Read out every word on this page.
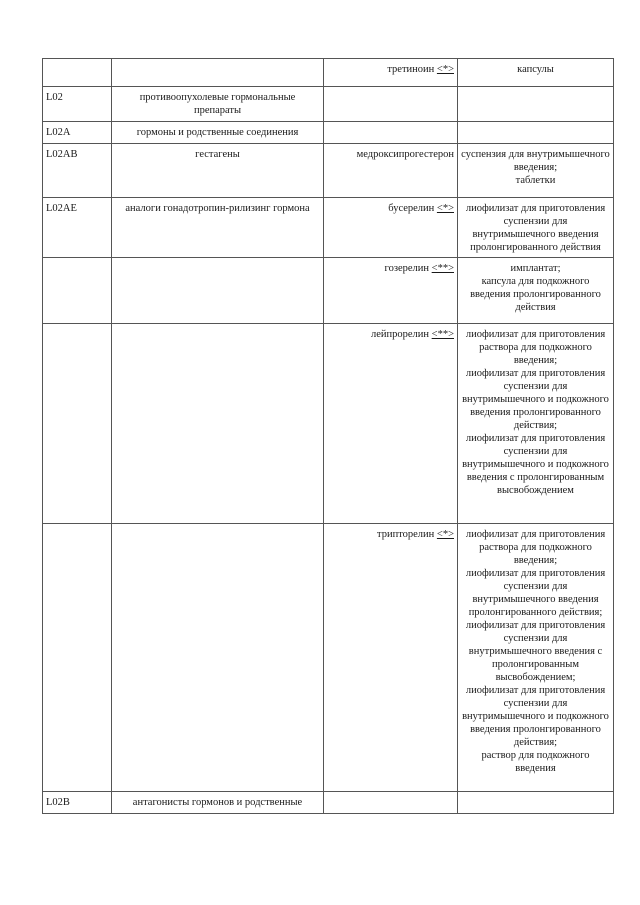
		третиноин <*>	капсулы

L02	противоопухолевые гормональные препараты		
L02A	гормоны и родственные соединения		
L02AB	гестагены	медроксипрогестерон	суспензия для внутримышечного введения;
таблетки

L02AE	аналоги гонадотропин-рилизинг гормона	бусерелин <*>	лиофилизат для приготовления суспензии для внутримышечного введения пролонгированного действия

		гозерелин <**>	имплантат;
капсула для подкожного введения пролонгированного действия

		лейпрорелин <**>	лиофилизат для приготовления раствора для подкожного введения;
лиофилизат для приготовления суспензии для внутримышечного и подкожного введения пролонгированного действия;
лиофилизат для приготовления суспензии для внутримышечного и подкожного введения с пролонгированным высвобождением

		трипторелин <*>	лиофилизат для приготовления раствора для подкожного введения;
лиофилизат для приготовления суспензии для внутримышечного введения пролонгированного действия;
лиофилизат для приготовления суспензии для внутримышечного введения с пролонгированным высвобождением;
лиофилизат для приготовления суспензии для внутримышечного и подкожного введения пролонгированного действия;
раствор для подкожного введения

L02B	антагонисты гормонов и родственные		
